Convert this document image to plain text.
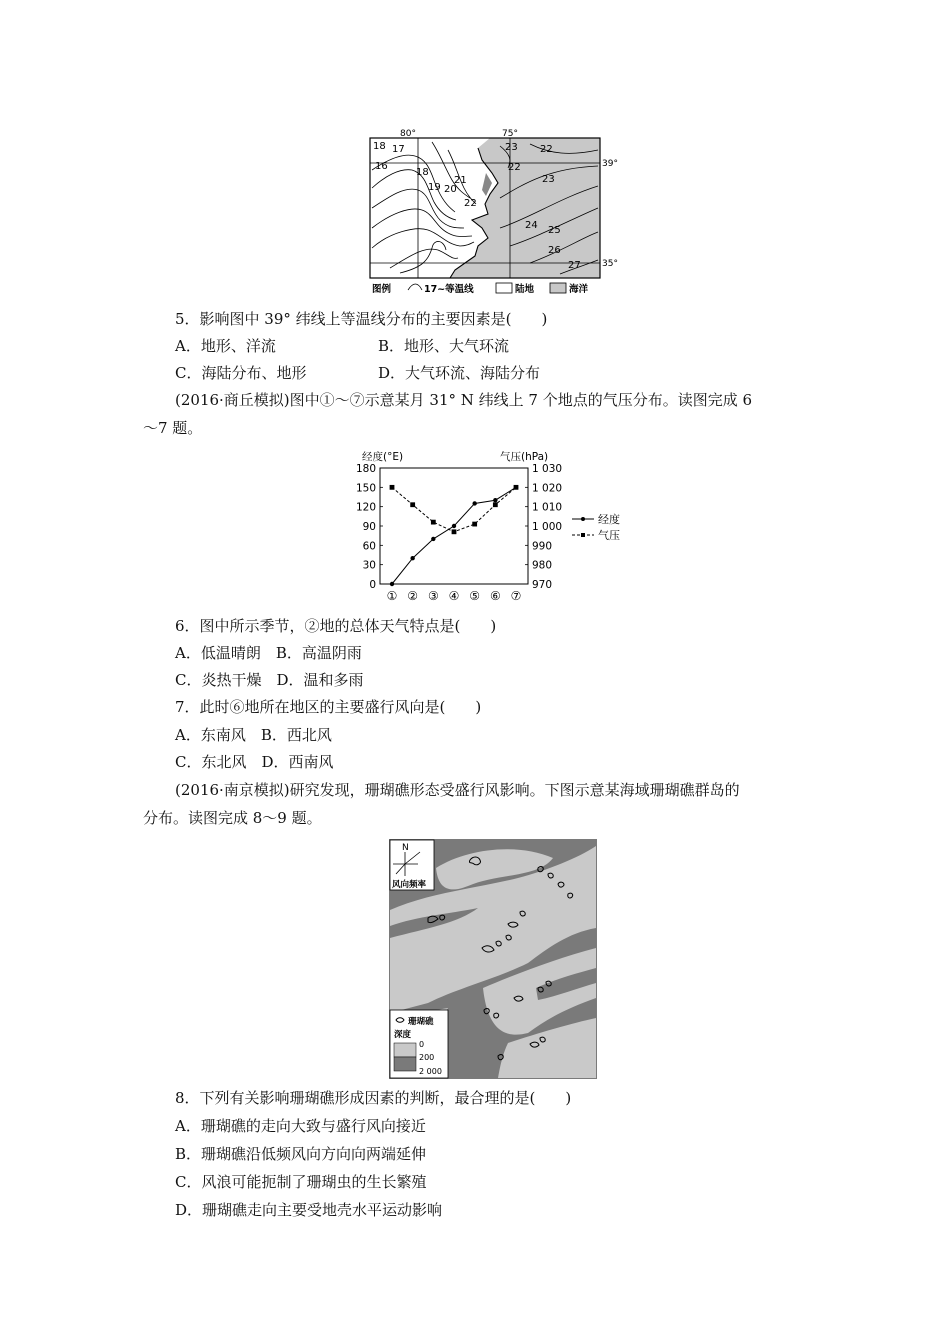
80°	75°
39°
35°
18 17
16
19
18
20
21
22
23 22
23
24 25
26
27
22
图例	17~等温线	陆地	海洋
5．影响图中 39° 纬线上等温线分布的主要因素是(　　)
A．地形、洋流	B．地形、大气环流
C．海陆分布、地形	D．大气环流、海陆分布
(2016·商丘模拟)图中①～⑦示意某月 31° N 纬线上 7 个地点的气压分布。读图完成 6
～7 题。
经度(°E)	气压(hPa)
180	1 030
150	1 020
120	1 010
90	1 000
60	990
30	980
0	970
① ② ③ ④ ⑤ ⑥ ⑦
经度
气压
6．图中所示季节，②地的总体天气特点是(　　)
A．低温晴朗　B．高温阴雨
C．炎热干燥　D．温和多雨
7．此时⑥地所在地区的主要盛行风向是(　　)
A．东南风　B．西北风
C．东北风　D．西南风
(2016·南京模拟)研究发现，珊瑚礁形态受盛行风影响。下图示意某海域珊瑚礁群岛的
分布。读图完成 8～9 题。
N
风向频率
珊瑚礁
深度
0
200
2 000
8．下列有关影响珊瑚礁形成因素的判断，最合理的是(　　)
A．珊瑚礁的走向大致与盛行风向接近
B．珊瑚礁沿低频风向方向向两端延伸
C．风浪可能扼制了珊瑚虫的生长繁殖
D．珊瑚礁走向主要受地壳水平运动影响
